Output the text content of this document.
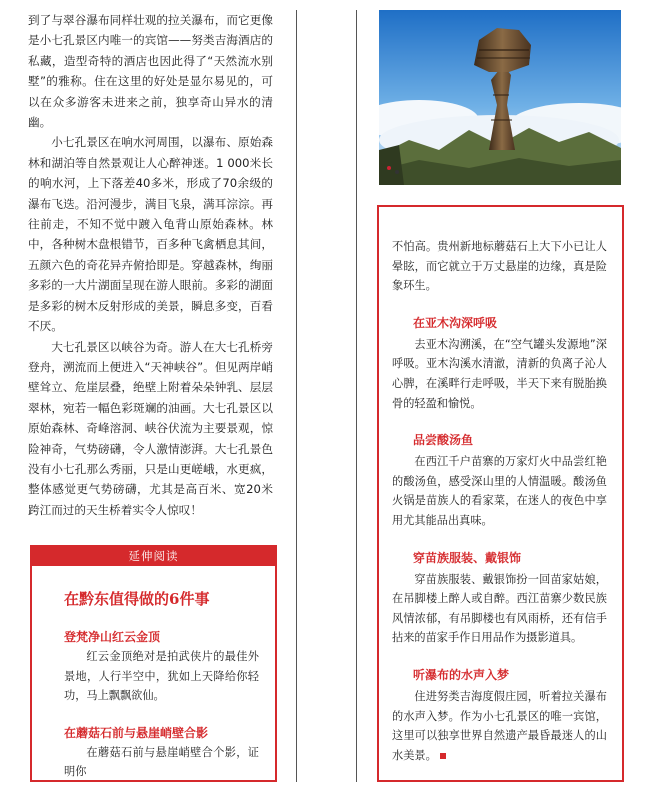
到了与翠谷瀑布同样壮观的拉关瀑布，而它更像是小七孔景区内唯一的宾馆——努类吉海酒店的私藏，造型奇特的酒店也因此得了“天然流水别墅”的雅称。住在这里的好处是显尔易见的，可以在众多游客未进来之前，独享奇山异水的清幽。

小七孔景区在响水河周围，以瀑布、原始森林和湖泊等自然景观让人心醉神迷。1 000米长的响水河，上下落差40多米，形成了70余级的瀑布飞迭。沿河漫步，满目飞泉，满耳淙淙。再往前走，不知不觉中踱入龟背山原始森林。林中，各种树木盘根错节，百多种飞禽栖息其间，五颜六色的奇花异卉俯拾即是。穿越森林，绚丽多彩的一大片湖面呈现在游人眼前。多彩的湖面是多彩的树木反射形成的美景，瞬息多变，百看不厌。

大七孔景区以峡谷为奇。游人在大七孔桥旁登舟，溯流而上便进入“天神峡谷”。但见两岸峭壁耸立、危崖层叠，绝壁上附着朵朵钟乳、层层翠林，宛若一幅色彩斑斓的油画。大七孔景区以原始森林、奇峰溶洞、峡谷伏流为主要景观，惊险神奇，气势磅礴，令人激情澎湃。大七孔景色没有小七孔那么秀丽，只是山更嵯峨，水更疯，整体感觉更气势磅礴，尤其是高百米、宽20米跨江而过的天生桥着实令人惊叹！

延伸阅读
在黔东值得做的6件事
登梵净山红云金顶

红云金顶绝对是拍武侠片的最佳外景地，人行半空中，犹如上天降给你轻功，马上飘飘欲仙。

在蘑菇石前与悬崖峭壁合影

在蘑菇石前与悬崖峭壁合个影，证明你

不怕高。贵州新地标蘑菇石上大下小已让人晕眩，而它就立于万丈悬崖的边缘，真是险象环生。

在亚木沟深呼吸

去亚木沟溯溪，在“空气罐头发源地”深呼吸。亚木沟溪水清澈，清新的负离子沁人心脾，在溪畔行走呼吸，半天下来有脱胎换骨的轻盈和愉悦。

品尝酸汤鱼

在西江千户苗寨的万家灯火中品尝红艳的酸汤鱼，感受深山里的人情温暖。酸汤鱼火锅是苗族人的看家菜，在迷人的夜色中享用尤其能品出真味。

穿苗族服装、戴银饰

穿苗族服装、戴银饰扮一回苗家姑娘，在吊脚楼上醉人或自醉。西江苗寨少数民族风情浓郁，有吊脚楼也有风雨桥，还有信手拈来的苗家手作日用品作为摄影道具。

听瀑布的水声入梦

住进努类吉海度假庄园，听着拉关瀑布的水声入梦。作为小七孔景区的唯一宾馆，这里可以独享世界自然遗产最昏最迷人的山水美景。
